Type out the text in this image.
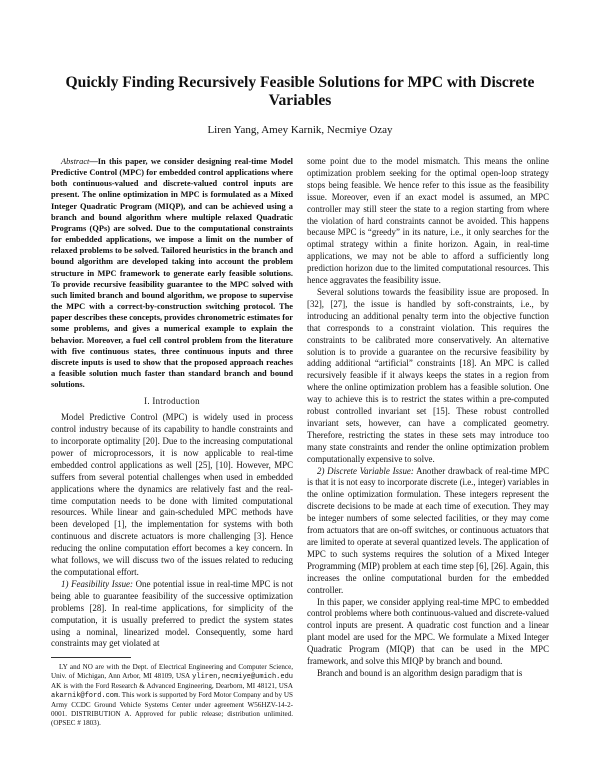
Quickly Finding Recursively Feasible Solutions for MPC with Discrete Variables
Liren Yang, Amey Karnik, Necmiye Ozay

Abstract—In this paper, we consider designing real-time Model Predictive Control (MPC) for embedded control applications where both continuous-valued and discrete-valued control inputs are present. The online optimization in MPC is formulated as a Mixed Integer Quadratic Program (MIQP), and can be achieved using a branch and bound algorithm where multiple relaxed Quadratic Programs (QPs) are solved. Due to the computational constraints for embedded applications, we impose a limit on the number of relaxed problems to be solved. Tailored heuristics in the branch and bound algorithm are developed taking into account the problem structure in MPC framework to generate early feasible solutions. To provide recursive feasibility guarantee to the MPC solved with such limited branch and bound algorithm, we propose to supervise the MPC with a correct-by-construction switching protocol. The paper describes these concepts, provides chronometric estimates for some problems, and gives a numerical example to explain the behavior. Moreover, a fuel cell control problem from the literature with five continuous states, three continuous inputs and three discrete inputs is used to show that the proposed approach reaches a feasible solution much faster than standard branch and bound solutions.

I. Introduction

Model Predictive Control (MPC) is widely used in process control industry because of its capability to handle constraints and to incorporate optimality [20]. Due to the increasing computational power of microprocessors, it is now applicable to real-time embedded control applications as well [25], [10]. However, MPC suffers from several potential challenges when used in embedded applications where the dynamics are relatively fast and the real-time computation needs to be done with limited computational resources. While linear and gain-scheduled MPC methods have been developed [1], the implementation for systems with both continuous and discrete actuators is more challenging [3]. Hence reducing the online computation effort becomes a key concern. In what follows, we will discuss two of the issues related to reducing the computational effort.

1) Feasibility Issue: One potential issue in real-time MPC is not being able to guarantee feasibility of the successive optimization problems [28]. In real-time applications, for simplicity of the computation, it is usually preferred to predict the system states using a nominal, linearized model. Consequently, some hard constraints may get violated at

LY and NO are with the Dept. of Electrical Engineering and Computer Science, Univ. of Michigan, Ann Arbor, MI 48109, USA yliren,necmiye@umich.edu AK is with the Ford Research & Advanced Engineering, Dearborn, MI 48121, USA akarnik@ford.com. This work is supported by Ford Motor Company and by US Army CCDC Ground Vehicle Systems Center under agreement W56HZV-14-2-0001. DISTRIBUTION A. Approved for public release; distribution unlimited. (OPSEC # 1803).

some point due to the model mismatch. This means the online optimization problem seeking for the optimal open-loop strategy stops being feasible. We hence refer to this issue as the feasibility issue. Moreover, even if an exact model is assumed, an MPC controller may still steer the state to a region starting from where the violation of hard constraints cannot be avoided. This happens because MPC is “greedy” in its nature, i.e., it only searches for the optimal strategy within a finite horizon. Again, in real-time applications, we may not be able to afford a sufficiently long prediction horizon due to the limited computational resources. This hence aggravates the feasibility issue.

Several solutions towards the feasibility issue are proposed. In [32], [27], the issue is handled by soft-constraints, i.e., by introducing an additional penalty term into the objective function that corresponds to a constraint violation. This requires the constraints to be calibrated more conservatively. An alternative solution is to provide a guarantee on the recursive feasibility by adding additional “artificial” constraints [18]. An MPC is called recursively feasible if it always keeps the states in a region from where the online optimization problem has a feasible solution. One way to achieve this is to restrict the states within a pre-computed robust controlled invariant set [15]. These robust controlled invariant sets, however, can have a complicated geometry. Therefore, restricting the states in these sets may introduce too many state constraints and render the online optimization problem computationally expensive to solve.

2) Discrete Variable Issue: Another drawback of real-time MPC is that it is not easy to incorporate discrete (i.e., integer) variables in the online optimization formulation. These integers represent the discrete decisions to be made at each time of execution. They may be integer numbers of some selected facilities, or they may come from actuators that are on-off switches, or continuous actuators that are limited to operate at several quantized levels. The application of MPC to such systems requires the solution of a Mixed Integer Programming (MIP) problem at each time step [6], [26]. Again, this increases the online computational burden for the embedded controller.

In this paper, we consider applying real-time MPC to embedded control problems where both continuous-valued and discrete-valued control inputs are present. A quadratic cost function and a linear plant model are used for the MPC. We formulate a Mixed Integer Quadratic Program (MIQP) that can be used in the MPC framework, and solve this MIQP by branch and bound.

Branch and bound is an algorithm design paradigm that is
